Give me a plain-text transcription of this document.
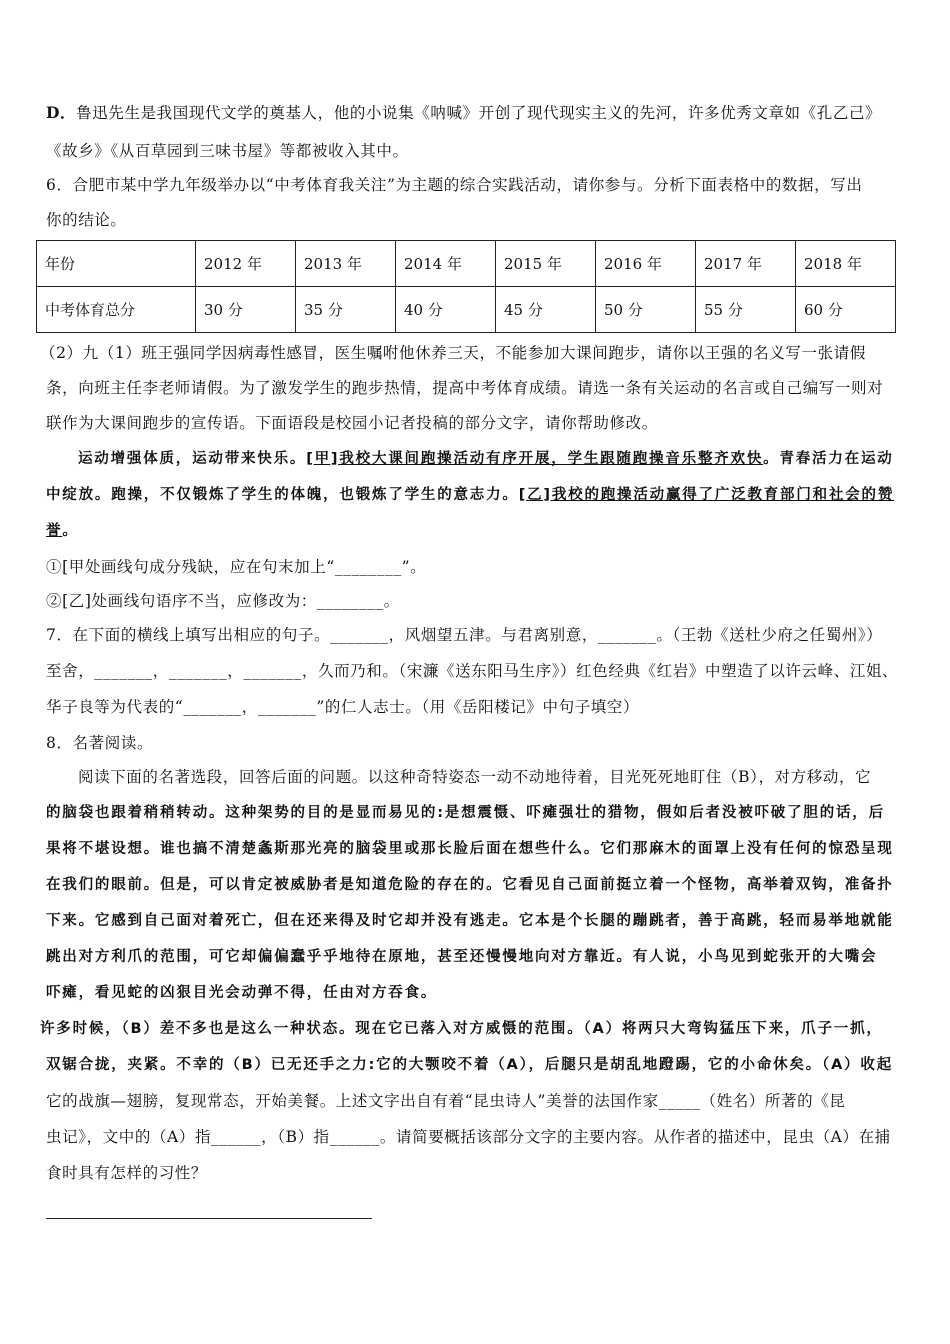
D．鲁迅先生是我国现代文学的奠基人，他的小说集《呐喊》开创了现代现实主义的先河，许多优秀文章如《孔乙己》
《故乡》《从百草园到三味书屋》等都被收入其中。
6．合肥市某中学九年级举办以“中考体育我关注”为主题的综合实践活动，请你参与。分析下面表格中的数据，写出
你的结论。
年份	2012 年	2013 年	2014 年	2015 年	2016 年	2017 年	2018 年
中考体育总分	30 分	35 分	40 分	45 分	50 分	55 分	60 分
（2）九（1）班王强同学因病毒性感冒，医生嘱咐他休养三天，不能参加大课间跑步，请你以王强的名义写一张请假
条，向班主任李老师请假。为了激发学生的跑步热情，提高中考体育成绩。请选一条有关运动的名言或自己编写一则对
联作为大课间跑步的宣传语。下面语段是校园小记者投稿的部分文字，请你帮助修改。
运动增强体质，运动带来快乐。[甲]我校大课间跑操活动有序开展，学生跟随跑操音乐整齐欢快。青春活力在运动
中绽放。跑操，不仅锻炼了学生的体魄，也锻炼了学生的意志力。[乙]我校的跑操活动赢得了广泛教育部门和社会的赞
誉。
①[甲处画线句成分残缺，应在句末加上“________”。
②[乙]处画线句语序不当，应修改为：________。
7．在下面的横线上填写出相应的句子。_______，风烟望五津。与君离别意，_______。（王勃《送杜少府之任蜀州》）
至舍，_______，_______，_______，久而乃和。（宋濂《送东阳马生序》）红色经典《红岩》中塑造了以许云峰、江姐、
华子良等为代表的“_______，_______”的仁人志士。（用《岳阳楼记》中句子填空）
8．名著阅读。
阅读下面的名著选段，回答后面的问题。以这种奇特姿态一动不动地待着，目光死死地盯住（B），对方移动，它
的脑袋也跟着稍稍转动。这种架势的目的是显而易见的:是想震慑、吓瘫强壮的猎物，假如后者没被吓破了胆的话，后
果将不堪设想。谁也搞不清楚螽斯那光亮的脑袋里或那长脸后面在想些什么。它们那麻木的面罩上没有任何的惊恐呈现
在我们的眼前。但是，可以肯定被威胁者是知道危险的存在的。它看见自己面前挺立着一个怪物，高举着双钩，准备扑
下来。它感到自己面对着死亡，但在还来得及时它却并没有逃走。它本是个长腿的蹦跳者，善于高跳，轻而易举地就能
跳出对方利爪的范围，可它却偏偏蠢乎乎地待在原地，甚至还慢慢地向对方靠近。有人说，小鸟见到蛇张开的大嘴会
吓瘫，看见蛇的凶狠目光会动弹不得，任由对方吞食。
许多时候，（B）差不多也是这么一种状态。现在它已落入对方威慑的范围。（A）将两只大弯钩猛压下来，爪子一抓，
双锯合拢，夹紧。不幸的（B）已无还手之力:它的大颚咬不着（A），后腿只是胡乱地蹬踢，它的小命休矣。（A）收起
它的战旗—翅膀，复现常态，开始美餐。上述文字出自有着“昆虫诗人”美誉的法国作家_____（姓名）所著的《昆
虫记》，文中的（A）指______，（B）指______。请简要概括该部分文字的主要内容。从作者的描述中，昆虫（A）在捕
食时具有怎样的习性？
